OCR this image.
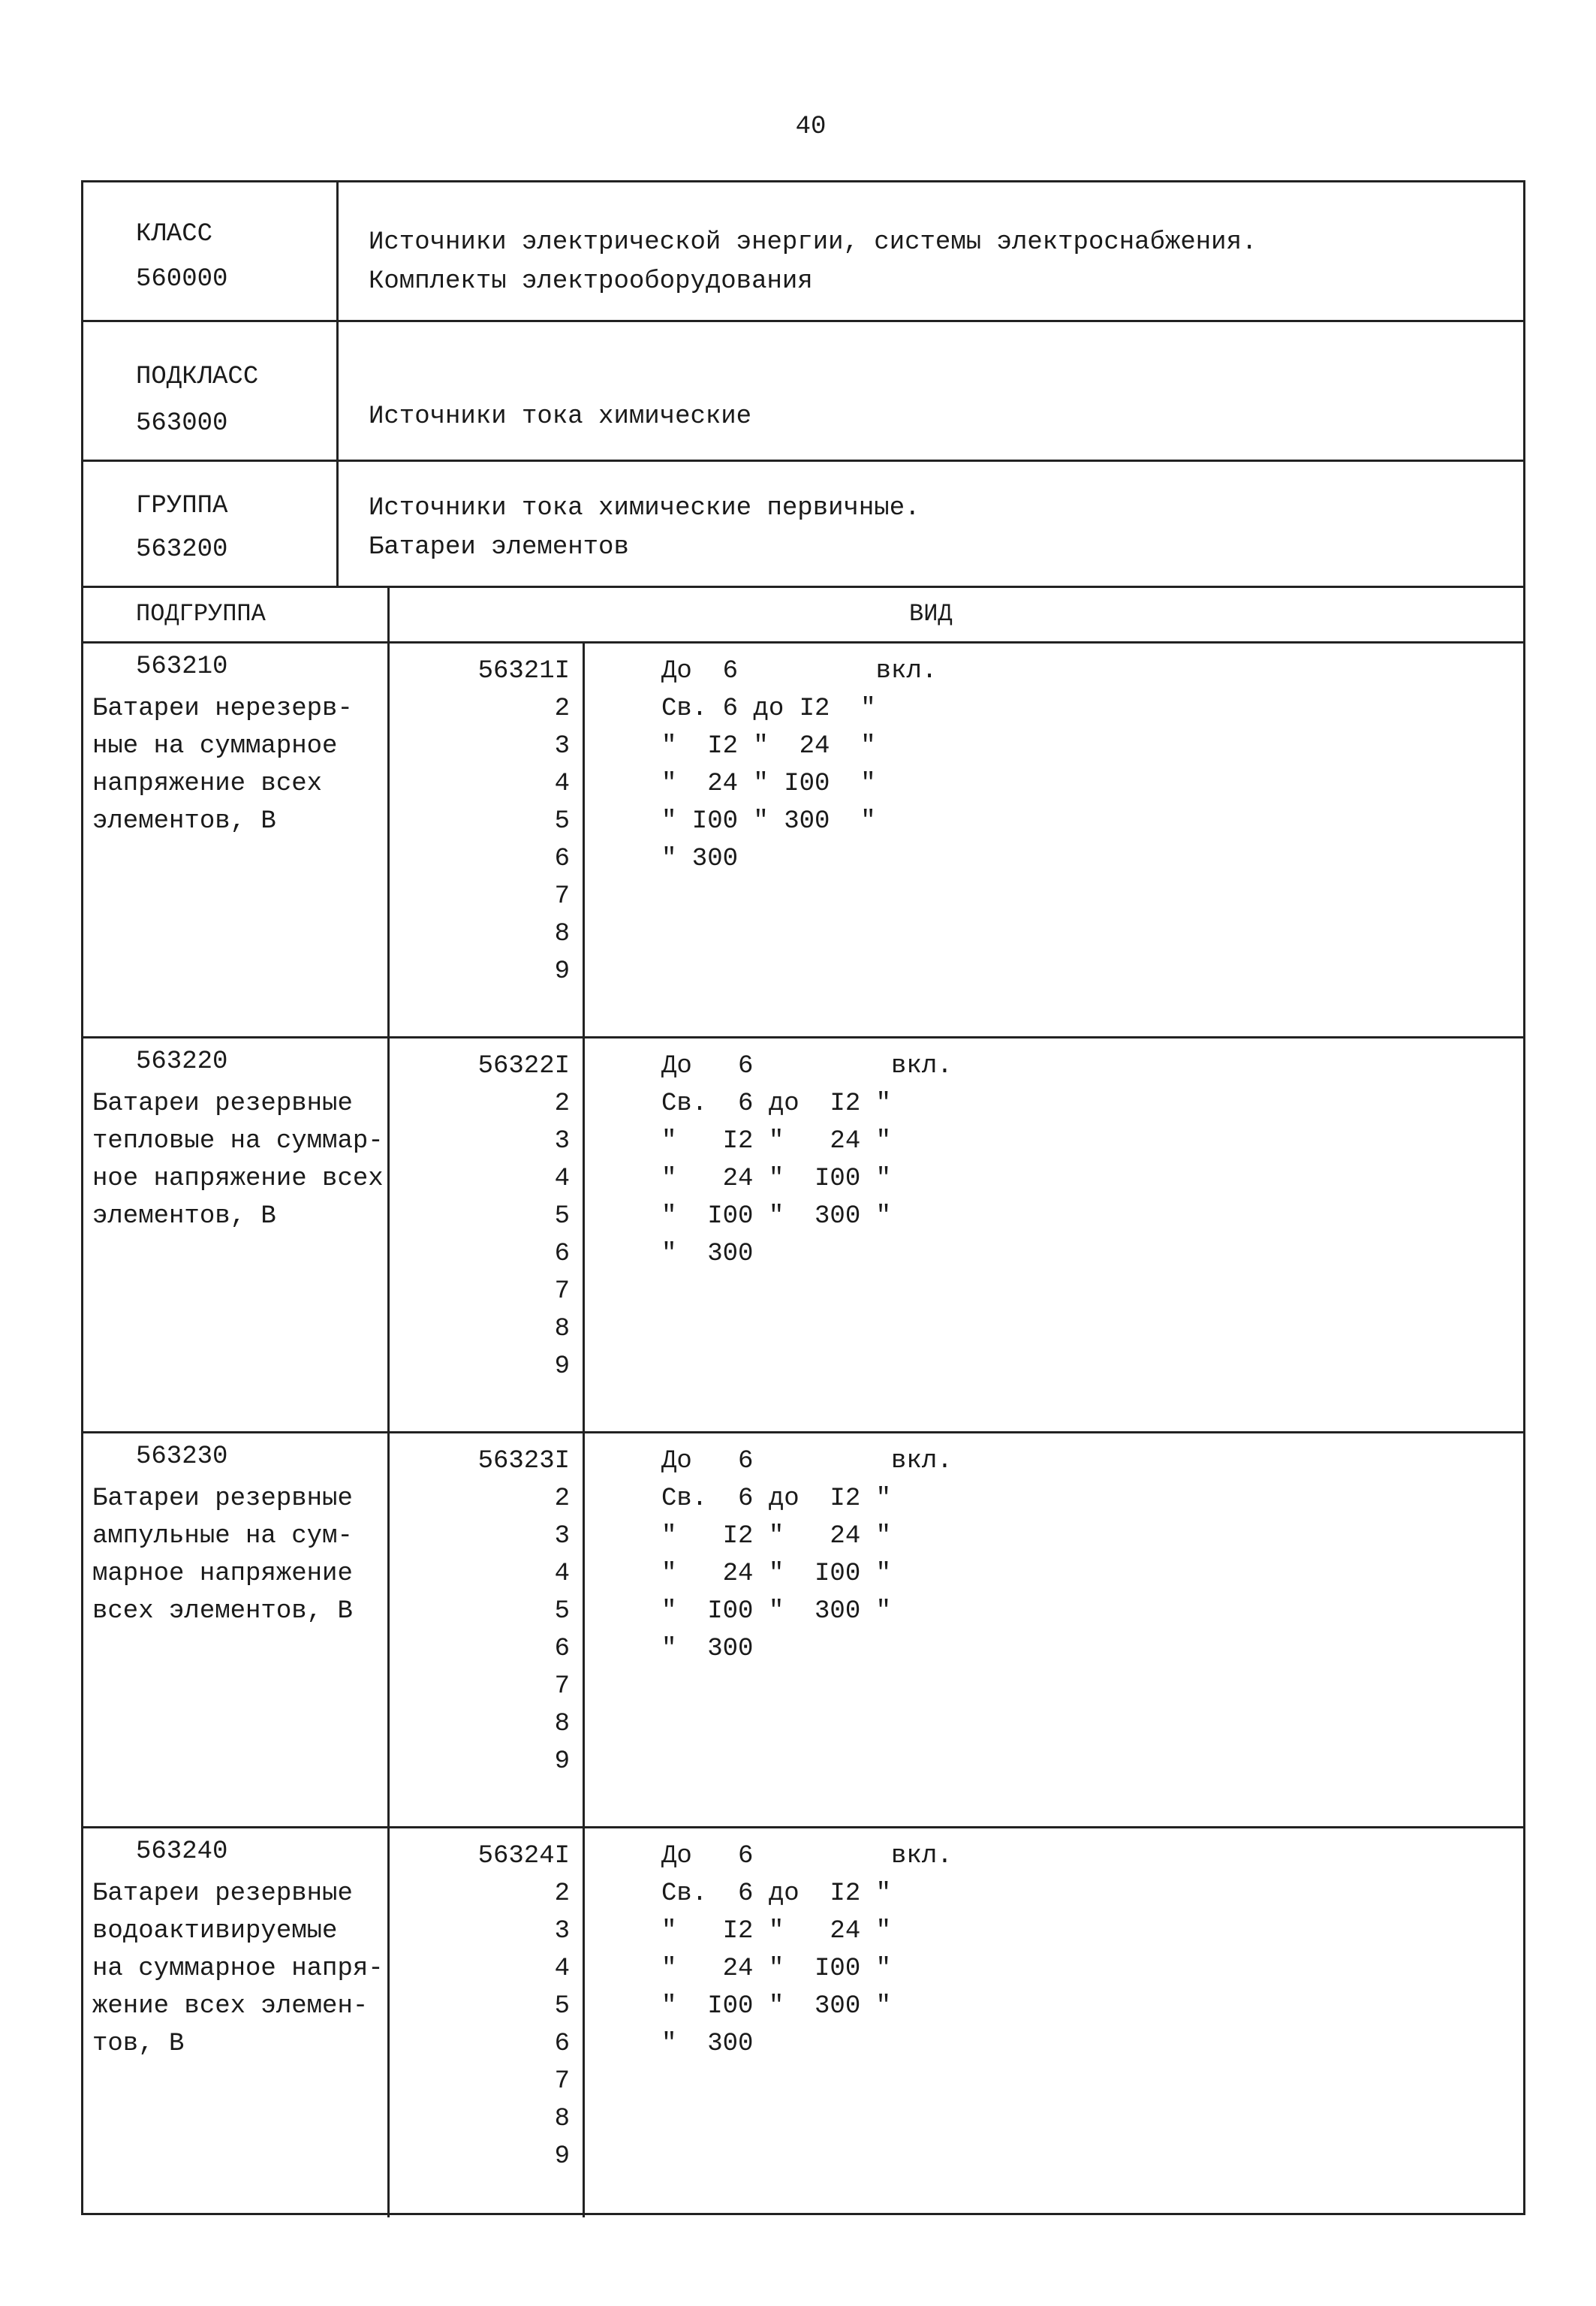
40
КЛАСС
560000
Источники электрической энергии, системы электроснабжения.
Комплекты электрооборудования
ПОДКЛАСС
563000	Источники тока химические
ГРУППА
563200
Источники тока химические первичные.
Батареи элементов
ПОДГРУППА	ВИД
563210
Батареи нерезерв-
ные на суммарное
напряжение всех
элементов, В
56321I
2
3
4
5
6
7
8
9
До  6         вкл.
Св. 6 до I2  "
"  I2 "  24  "
"  24 " I00  "
" I00 " 300  "
" 300
563220
Батареи резервные
тепловые на суммар-
ное напряжение всех
элементов, В
56322I
2
3
4
5
6
7
8
9
До   6         вкл.
Св.  6 до  I2 "
"   I2 "   24 "
"   24 "  I00 "
"  I00 "  300 "
"  300
563230
Батареи резервные
ампульные на сум-
марное напряжение
всех элементов, В
56323I
2
3
4
5
6
7
8
9
До   6         вкл.
Св.  6 до  I2 "
"   I2 "   24 "
"   24 "  I00 "
"  I00 "  300 "
"  300
563240
Батареи резервные
водоактивируемые
на суммарное напря-
жение всех элемен-
тов, В
56324I
2
3
4
5
6
7
8
9
До   6         вкл.
Св.  6 до  I2 "
"   I2 "   24 "
"   24 "  I00 "
"  I00 "  300 "
"  300
